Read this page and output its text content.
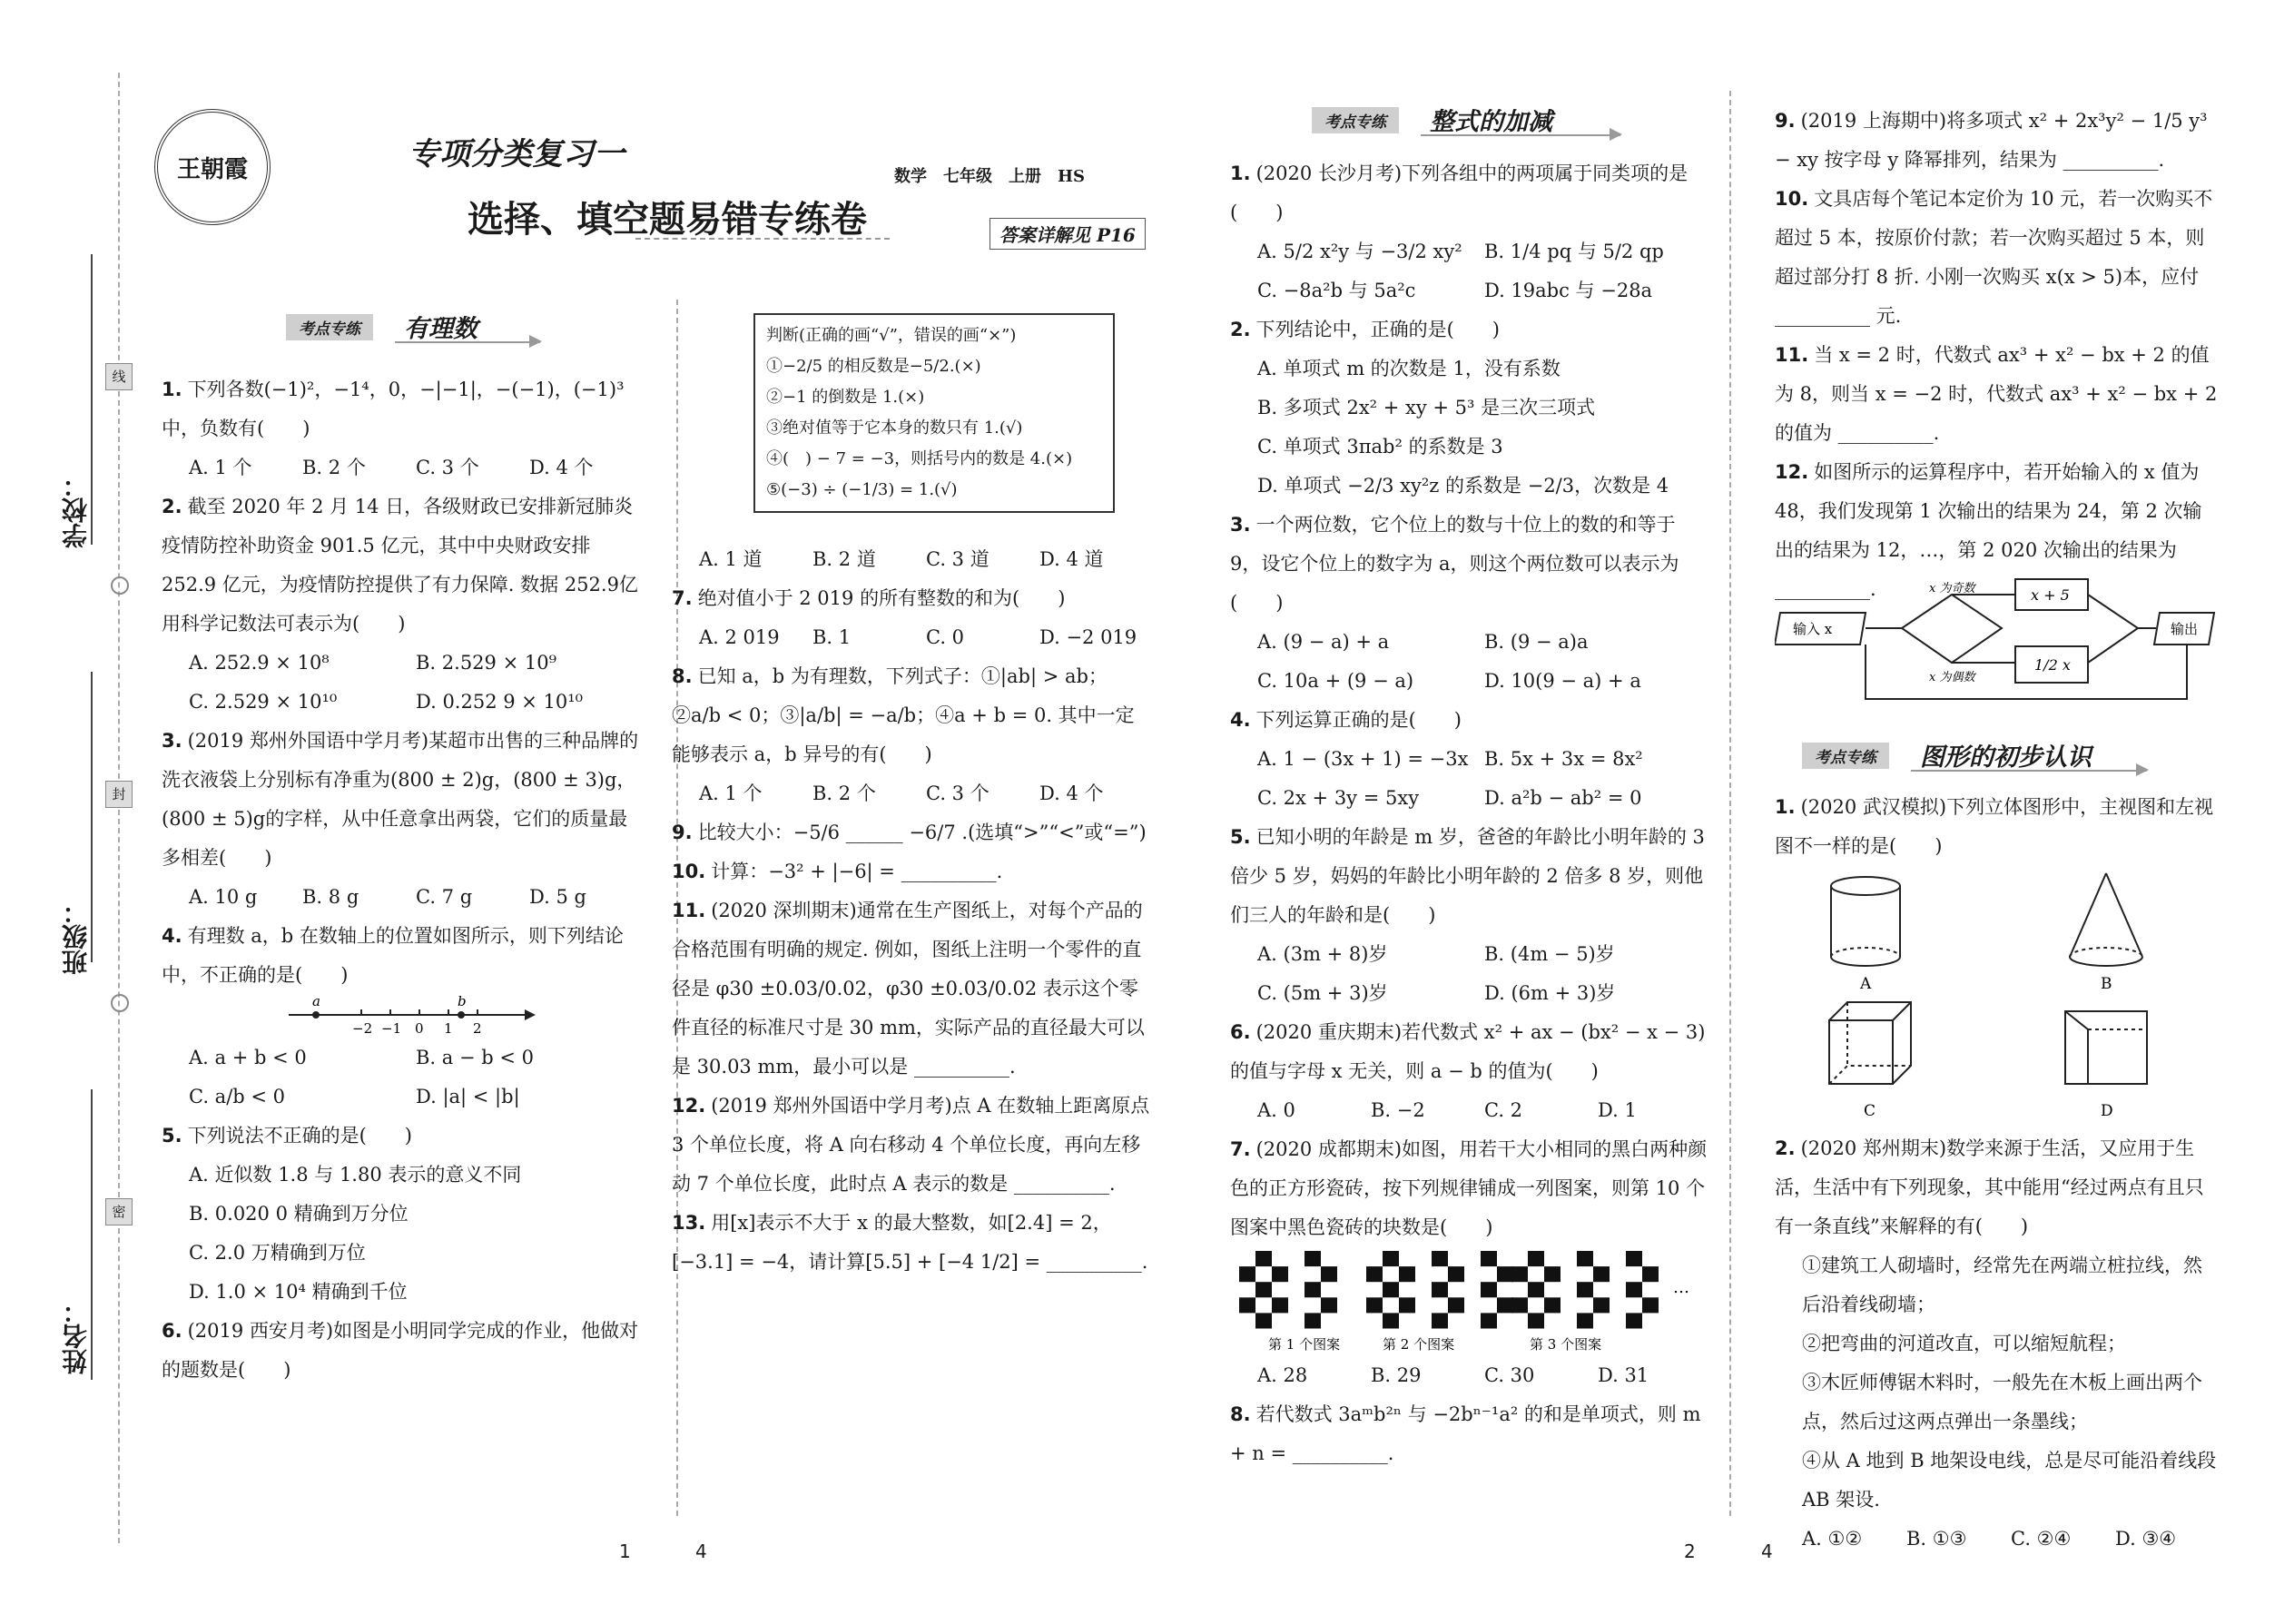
学校：
班级：
姓名：
线
封
密
王朝霞	专项分类复习一
选择、填空题易错专练卷
数学　七年级　上册　HS
答案详解见 P16
考点专练	有理数

1. 下列各数(−1)²，−1⁴，0，−|−1|，−(−1)，(−1)³ 中，负数有(　　)

A. 1 个	B. 2 个	C. 3 个	D. 4 个

2. 截至 2020 年 2 月 14 日，各级财政已安排新冠肺炎疫情防控补助资金 901.5 亿元，其中中央财政安排 252.9 亿元，为疫情防控提供了有力保障. 数据 252.9亿用科学记数法可表示为(　　)

A. 252.9 × 10⁸	B. 2.529 × 10⁹
C. 2.529 × 10¹⁰	D. 0.252 9 × 10¹⁰

3. (2019 郑州外国语中学月考)某超市出售的三种品牌的洗衣液袋上分别标有净重为(800 ± 2)g，(800 ± 3)g，(800 ± 5)g的字样，从中任意拿出两袋，它们的质量最多相差(　　)

A. 10 g	B. 8 g	C. 7 g	D. 5 g

4. 有理数 a，b 在数轴上的位置如图所示，则下列结论中，不正确的是(　　)

a	b
−2 −1 0 1 2
A. a + b < 0	B. a − b < 0
C. a/b < 0	D. |a| < |b|

5. 下列说法不正确的是(　　)

A. 近似数 1.8 与 1.80 表示的意义不同
B. 0.020 0 精确到万分位
C. 2.0 万精确到万位
D. 1.0 × 10⁴ 精确到千位

6. (2019 西安月考)如图是小明同学完成的作业，他做对的题数是(　　)

判断(正确的画“√”，错误的画“×”)
①−2/5 的相反数是−5/2.(×)
②−1 的倒数是 1.(×)
③绝对值等于它本身的数只有 1.(√)
④(　) − 7 = −3，则括号内的数是 4.(×)
⑤(−3) ÷ (−1/3) = 1.(√)
A. 1 道	B. 2 道	C. 3 道	D. 4 道

7. 绝对值小于 2 019 的所有整数的和为(　　)

A. 2 019	B. 1	C. 0	D. −2 019

8. 已知 a，b 为有理数，下列式子：①|ab| > ab；②a/b < 0；③|a/b| = −a/b；④a + b = 0. 其中一定能够表示 a，b 异号的有(　　)

A. 1 个	B. 2 个	C. 3 个	D. 4 个

9. 比较大小：−5/6 ______ −6/7 .(选填“>”“<”或“=”)

10. 计算：−3² + |−6| = __________.

11. (2020 深圳期末)通常在生产图纸上，对每个产品的合格范围有明确的规定. 例如，图纸上注明一个零件的直径是 φ30 ±0.03/0.02，φ30 ±0.03/0.02 表示这个零件直径的标准尺寸是 30 mm，实际产品的直径最大可以是 30.03 mm，最小可以是 __________.

12. (2019 郑州外国语中学月考)点 A 在数轴上距离原点 3 个单位长度，将 A 向右移动 4 个单位长度，再向左移动 7 个单位长度，此时点 A 表示的数是 __________.

13. 用[x]表示不大于 x 的最大整数，如[2.4] = 2，[−3.1] = −4，请计算[5.5] + [−4 1/2] = __________.

1	4
考点专练	整式的加减

1. (2020 长沙月考)下列各组中的两项属于同类项的是(　　)

A. 5/2 x²y 与 −3/2 xy²	B. 1/4 pq 与 5/2 qp
C. −8a²b 与 5a²c	D. 19abc 与 −28a

2. 下列结论中，正确的是(　　)

A. 单项式 m 的次数是 1，没有系数
B. 多项式 2x² + xy + 5³ 是三次三项式
C. 单项式 3πab² 的系数是 3
D. 单项式 −2/3 xy²z 的系数是 −2/3，次数是 4

3. 一个两位数，它个位上的数与十位上的数的和等于 9，设它个位上的数字为 a，则这个两位数可以表示为(　　)

A. (9 − a) + a	B. (9 − a)a
C. 10a + (9 − a)	D. 10(9 − a) + a

4. 下列运算正确的是(　　)

A. 1 − (3x + 1) = −3x B. 5x + 3x = 8x²
C. 2x + 3y = 5xy	D. a²b − ab² = 0

5. 已知小明的年龄是 m 岁，爸爸的年龄比小明年龄的 3 倍少 5 岁，妈妈的年龄比小明年龄的 2 倍多 8 岁，则他们三人的年龄和是(　　)

A. (3m + 8)岁	B. (4m − 5)岁
C. (5m + 3)岁	D. (6m + 3)岁

6. (2020 重庆期末)若代数式 x² + ax − (bx² − x − 3)的值与字母 x 无关，则 a − b 的值为(　　)

A. 0	B. −2	C. 2	D. 1

7. (2020 成都期末)如图，用若干大小相同的黑白两种颜色的正方形瓷砖，按下列规律铺成一列图案，则第 10 个图案中黑色瓷砖的块数是(　　)

…
第 1 个图案	第 2 个图案	第 3 个图案
A. 28	B. 29	C. 30	D. 31

8. 若代数式 3aᵐb²ⁿ 与 −2bⁿ⁻¹a² 的和是单项式，则 m + n = __________.

9. (2019 上海期中)将多项式 x² + 2x³y² − 1/5 y³ − xy 按字母 y 降幂排列，结果为 __________.

10. 文具店每个笔记本定价为 10 元，若一次购买不超过 5 本，按原价付款；若一次购买超过 5 本，则超过部分打 8 折. 小刚一次购买 x(x > 5)本，应付 __________ 元.

11. 当 x = 2 时，代数式 ax³ + x² − bx + 2 的值为 8，则当 x = −2 时，代数式 ax³ + x² − bx + 2 的值为 __________.

12. 如图所示的运算程序中，若开始输入的 x 值为 48，我们发现第 1 次输出的结果为 24，第 2 次输出的结果为 12，…，第 2 020 次输出的结果为 __________.

输入 x
x 为奇数
x 为偶数
x + 5
1/2 x
输出
考点专练	图形的初步认识

1. (2020 武汉模拟)下列立体图形中，主视图和左视图不一样的是(　　)

A	B
C	D

2. (2020 郑州期末)数学来源于生活，又应用于生活，生活中有下列现象，其中能用“经过两点有且只有一条直线”来解释的有(　　)

①建筑工人砌墙时，经常先在两端立桩拉线，然后沿着线砌墙；
②把弯曲的河道改直，可以缩短航程；
③木匠师傅锯木料时，一般先在木板上画出两个点，然后过这两点弹出一条墨线；
④从 A 地到 B 地架设电线，总是尽可能沿着线段 AB 架设.
A. ①②	B. ①③	C. ②④	D. ③④
2	4
